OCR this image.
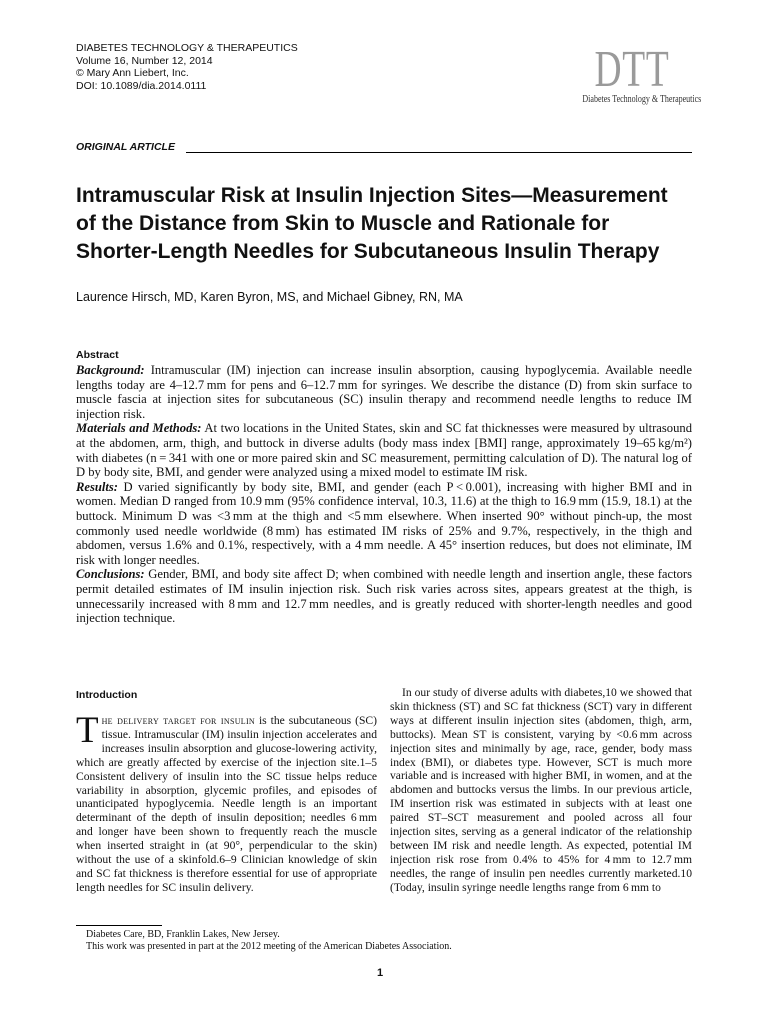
DIABETES TECHNOLOGY & THERAPEUTICS
Volume 16, Number 12, 2014
© Mary Ann Liebert, Inc.
DOI: 10.1089/dia.2014.0111	DTT
Diabetes Technology & Therapeutics
ORIGINAL ARTICLE
Intramuscular Risk at Insulin Injection Sites—Measurement
of the Distance from Skin to Muscle and Rationale for
Shorter-Length Needles for Subcutaneous Insulin Therapy
Laurence Hirsch, MD, Karen Byron, MS, and Michael Gibney, RN, MA
Abstract

Background: Intramuscular (IM) injection can increase insulin absorption, causing hypoglycemia. Available needle lengths today are 4–12.7 mm for pens and 6–12.7 mm for syringes. We describe the distance (D) from skin surface to muscle fascia at injection sites for subcutaneous (SC) insulin therapy and recommend needle lengths to reduce IM injection risk.

Materials and Methods: At two locations in the United States, skin and SC fat thicknesses were measured by ultrasound at the abdomen, arm, thigh, and buttock in diverse adults (body mass index [BMI] range, approximately 19–65 kg/m²) with diabetes (n = 341 with one or more paired skin and SC measurement, permitting calculation of D). The natural log of D by body site, BMI, and gender were analyzed using a mixed model to estimate IM risk.

Results: D varied significantly by body site, BMI, and gender (each P < 0.001), increasing with higher BMI and in women. Median D ranged from 10.9 mm (95% confidence interval, 10.3, 11.6) at the thigh to 16.9 mm (15.9, 18.1) at the buttock. Minimum D was <3 mm at the thigh and <5 mm elsewhere. When inserted 90° without pinch-up, the most commonly used needle worldwide (8 mm) has estimated IM risks of 25% and 9.7%, respectively, in the thigh and abdomen, versus 1.6% and 0.1%, respectively, with a 4 mm needle. A 45° insertion reduces, but does not eliminate, IM risk with longer needles.

Conclusions: Gender, BMI, and body site affect D; when combined with needle length and insertion angle, these factors permit detailed estimates of IM insulin injection risk. Such risk varies across sites, appears greatest at the thigh, is unnecessarily increased with 8 mm and 12.7 mm needles, and is greatly reduced with shorter-length needles and good injection technique.

Introduction

The delivery target for insulin is the subcutaneous (SC) tissue. Intramuscular (IM) insulin injection accelerates and increases insulin absorption and glucose-lowering activity, which are greatly affected by exercise of the injection site.1–5 Consistent delivery of insulin into the SC tissue helps reduce variability in absorption, glycemic profiles, and episodes of unanticipated hypoglycemia. Needle length is an important determinant of the depth of insulin deposition; needles 6 mm and longer have been shown to frequently reach the muscle when inserted straight in (at 90°, perpendicular to the skin) without the use of a skinfold.6–9 Clinician knowledge of skin and SC fat thickness is therefore essential for use of appropriate length needles for SC insulin delivery.

In our study of diverse adults with diabetes,10 we showed that skin thickness (ST) and SC fat thickness (SCT) vary in different ways at different insulin injection sites (abdomen, thigh, arm, buttocks). Mean ST is consistent, varying by <0.6 mm across injection sites and minimally by age, race, gender, body mass index (BMI), or diabetes type. However, SCT is much more variable and is increased with higher BMI, in women, and at the abdomen and buttocks versus the limbs. In our previous article, IM insertion risk was estimated in subjects with at least one paired ST–SCT measurement and pooled across all four injection sites, serving as a general indicator of the relationship between IM risk and needle length. As expected, potential IM injection risk rose from 0.4% to 45% for 4 mm to 12.7 mm needles, the range of insulin pen needles currently marketed.10 (Today, insulin syringe needle lengths range from 6 mm to

Diabetes Care, BD, Franklin Lakes, New Jersey.
This work was presented in part at the 2012 meeting of the American Diabetes Association.
1
